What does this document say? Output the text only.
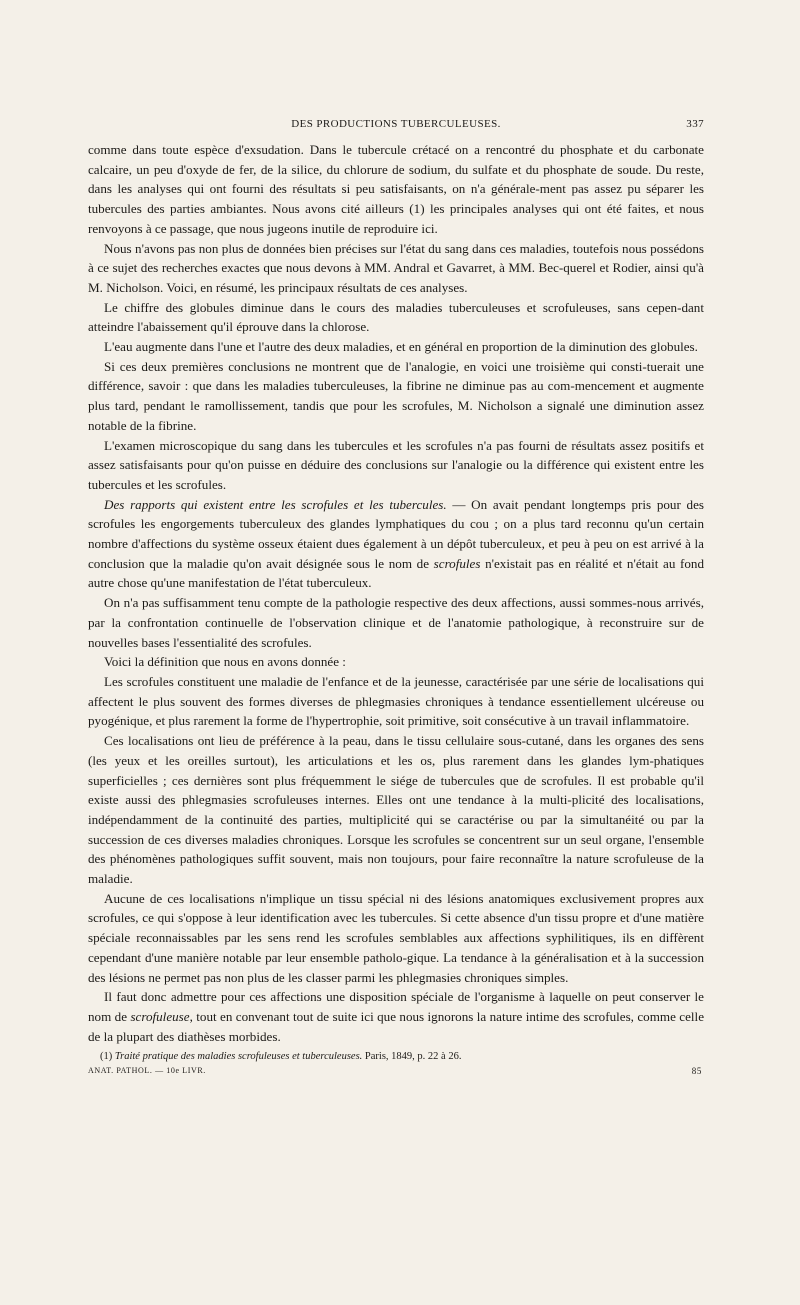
DES PRODUCTIONS TUBERCULEUSES.	337

comme dans toute espèce d'exsudation. Dans le tubercule crétacé on a rencontré du phosphate et du carbonate calcaire, un peu d'oxyde de fer, de la silice, du chlorure de sodium, du sulfate et du phosphate de soude. Du reste, dans les analyses qui ont fourni des résultats si peu satisfaisants, on n'a générale-ment pas assez pu séparer les tubercules des parties ambiantes. Nous avons cité ailleurs (1) les principales analyses qui ont été faites, et nous renvoyons à ce passage, que nous jugeons inutile de reproduire ici.

Nous n'avons pas non plus de données bien précises sur l'état du sang dans ces maladies, toutefois nous possédons à ce sujet des recherches exactes que nous devons à MM. Andral et Gavarret, à MM. Bec-querel et Rodier, ainsi qu'à M. Nicholson. Voici, en résumé, les principaux résultats de ces analyses.

Le chiffre des globules diminue dans le cours des maladies tuberculeuses et scrofuleuses, sans cepen-dant atteindre l'abaissement qu'il éprouve dans la chlorose.

L'eau augmente dans l'une et l'autre des deux maladies, et en général en proportion de la diminution des globules.

Si ces deux premières conclusions ne montrent que de l'analogie, en voici une troisième qui consti-tuerait une différence, savoir : que dans les maladies tuberculeuses, la fibrine ne diminue pas au com-mencement et augmente plus tard, pendant le ramollissement, tandis que pour les scrofules, M. Nicholson a signalé une diminution assez notable de la fibrine.

L'examen microscopique du sang dans les tubercules et les scrofules n'a pas fourni de résultats assez positifs et assez satisfaisants pour qu'on puisse en déduire des conclusions sur l'analogie ou la différence qui existent entre les tubercules et les scrofules.

Des rapports qui existent entre les scrofules et les tubercules. — On avait pendant longtemps pris pour des scrofules les engorgements tuberculeux des glandes lymphatiques du cou ; on a plus tard reconnu qu'un certain nombre d'affections du système osseux étaient dues également à un dépôt tuberculeux, et peu à peu on est arrivé à la conclusion que la maladie qu'on avait désignée sous le nom de scrofules n'existait pas en réalité et n'était au fond autre chose qu'une manifestation de l'état tuberculeux.

On n'a pas suffisamment tenu compte de la pathologie respective des deux affections, aussi sommes-nous arrivés, par la confrontation continuelle de l'observation clinique et de l'anatomie pathologique, à reconstruire sur de nouvelles bases l'essentialité des scrofules.

Voici la définition que nous en avons donnée :

Les scrofules constituent une maladie de l'enfance et de la jeunesse, caractérisée par une série de localisations qui affectent le plus souvent des formes diverses de phlegmasies chroniques à tendance essentiellement ulcéreuse ou pyogénique, et plus rarement la forme de l'hypertrophie, soit primitive, soit consécutive à un travail inflammatoire.

Ces localisations ont lieu de préférence à la peau, dans le tissu cellulaire sous-cutané, dans les organes des sens (les yeux et les oreilles surtout), les articulations et les os, plus rarement dans les glandes lym-phatiques superficielles ; ces dernières sont plus fréquemment le siége de tubercules que de scrofules. Il est probable qu'il existe aussi des phlegmasies scrofuleuses internes. Elles ont une tendance à la multi-plicité des localisations, indépendamment de la continuité des parties, multiplicité qui se caractérise ou par la simultanéité ou par la succession de ces diverses maladies chroniques. Lorsque les scrofules se concentrent sur un seul organe, l'ensemble des phénomènes pathologiques suffit souvent, mais non toujours, pour faire reconnaître la nature scrofuleuse de la maladie.

Aucune de ces localisations n'implique un tissu spécial ni des lésions anatomiques exclusivement propres aux scrofules, ce qui s'oppose à leur identification avec les tubercules. Si cette absence d'un tissu propre et d'une matière spéciale reconnaissables par les sens rend les scrofules semblables aux affections syphilitiques, ils en diffèrent cependant d'une manière notable par leur ensemble patholo-gique. La tendance à la généralisation et à la succession des lésions ne permet pas non plus de les classer parmi les phlegmasies chroniques simples.

Il faut donc admettre pour ces affections une disposition spéciale de l'organisme à laquelle on peut conserver le nom de scrofuleuse, tout en convenant tout de suite ici que nous ignorons la nature intime des scrofules, comme celle de la plupart des diathèses morbides.

(1) Traité pratique des maladies scrofuleuses et tuberculeuses. Paris, 1849, p. 22 à 26.
ANAT. PATHOL. — 10e LIVR.	85
